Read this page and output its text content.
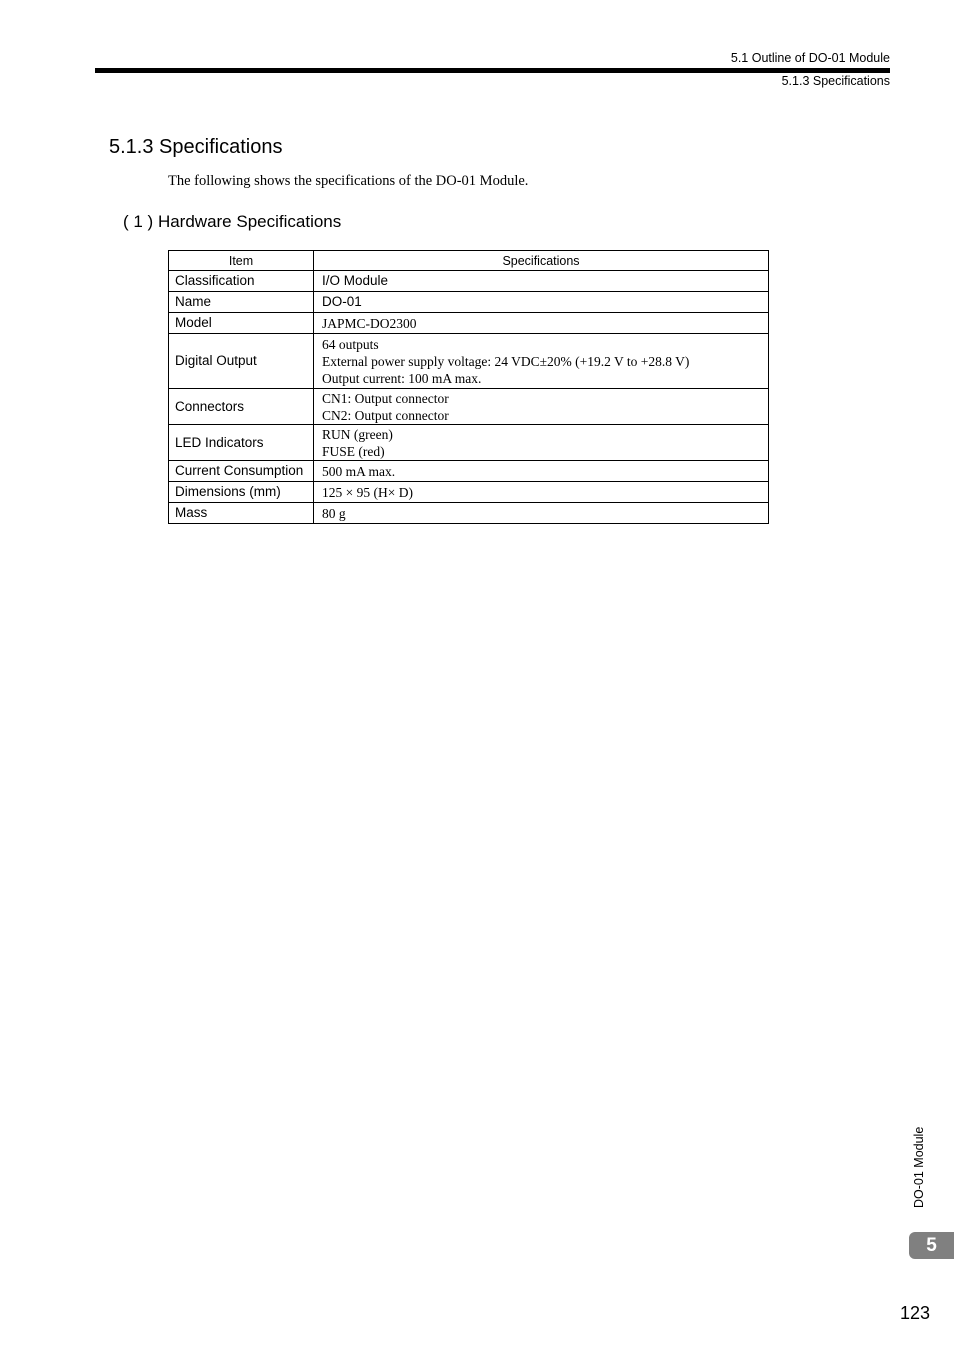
5.1 Outline of DO-01 Module
5.1.3 Specifications
5.1.3 Specifications
The following shows the specifications of the DO-01 Module.
( 1 ) Hardware Specifications
Item	Specifications
Classification	I/O Module

Name	DO-01

Model	JAPMC-DO2300

Digital Output	64 outputs
External power supply voltage: 24 VDC±20% (+19.2 V to +28.8 V)
Output current: 100 mA max.

Connectors	CN1: Output connector
CN2: Output connector

LED Indicators	RUN (green)
FUSE (red)

Current Consumption	500 mA max.

Dimensions (mm)	125 × 95 (H× D)

Mass	80 g
DO-01 Module
5
123
